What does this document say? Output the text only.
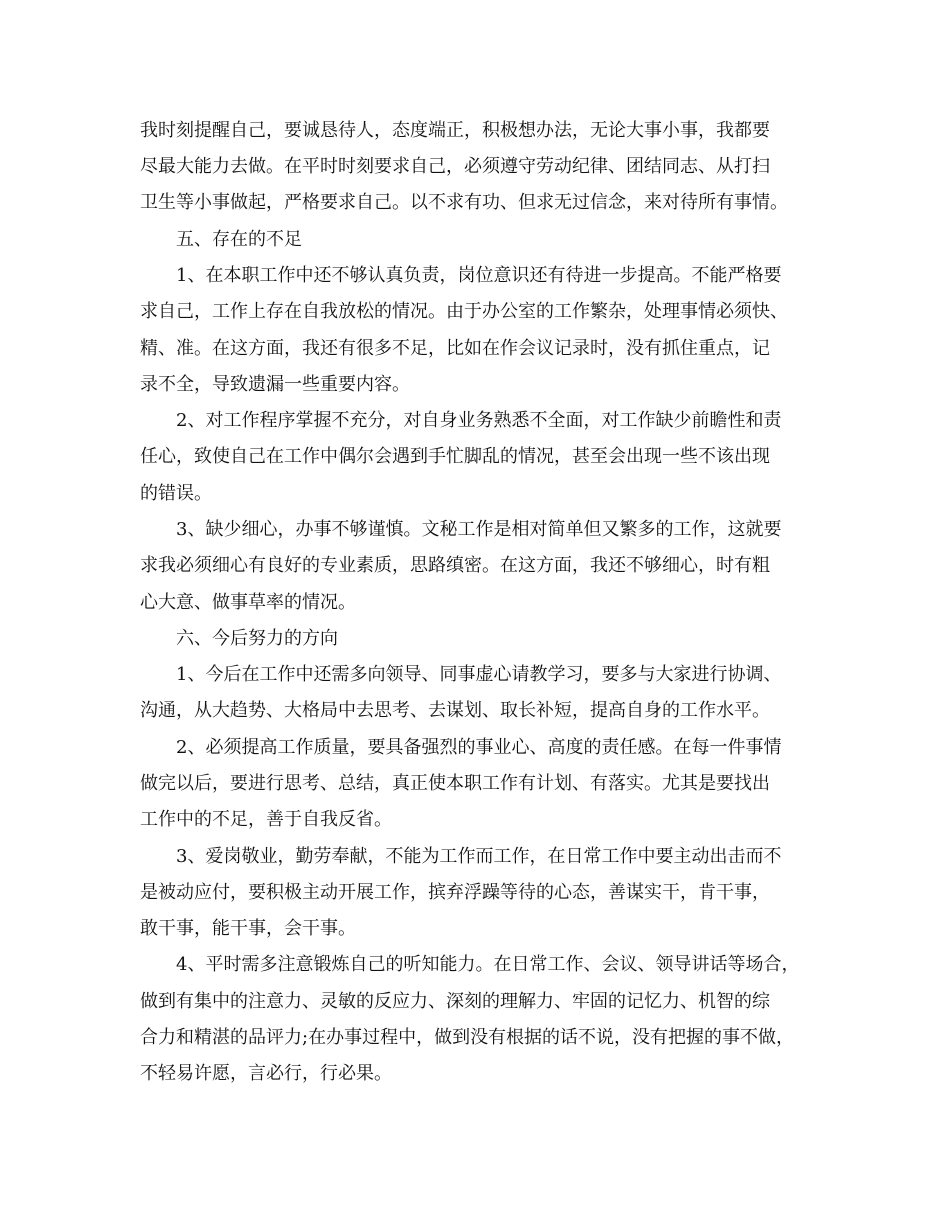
我时刻提醒自己，要诚恳待人，态度端正，积极想办法，无论大事小事，我都要
尽最大能力去做。在平时时刻要求自己，必须遵守劳动纪律、团结同志、从打扫
卫生等小事做起，严格要求自己。以不求有功、但求无过信念，来对待所有事情。
五、存在的不足
1、在本职工作中还不够认真负责，岗位意识还有待进一步提高。不能严格要
求自己，工作上存在自我放松的情况。由于办公室的工作繁杂，处理事情必须快、
精、准。在这方面，我还有很多不足，比如在作会议记录时，没有抓住重点，记
录不全，导致遗漏一些重要内容。
2、对工作程序掌握不充分，对自身业务熟悉不全面，对工作缺少前瞻性和责
任心，致使自己在工作中偶尔会遇到手忙脚乱的情况，甚至会出现一些不该出现
的错误。
3、缺少细心，办事不够谨慎。文秘工作是相对简单但又繁多的工作，这就要
求我必须细心有良好的专业素质，思路缜密。在这方面，我还不够细心，时有粗
心大意、做事草率的情况。
六、今后努力的方向
1、今后在工作中还需多向领导、同事虚心请教学习，要多与大家进行协调、
沟通，从大趋势、大格局中去思考、去谋划、取长补短，提高自身的工作水平。
2、必须提高工作质量，要具备强烈的事业心、高度的责任感。在每一件事情
做完以后，要进行思考、总结，真正使本职工作有计划、有落实。尤其是要找出
工作中的不足，善于自我反省。
3、爱岗敬业，勤劳奉献，不能为工作而工作，在日常工作中要主动出击而不
是被动应付，要积极主动开展工作，摈弃浮躁等待的心态，善谋实干，肯干事，
敢干事，能干事，会干事。
4、平时需多注意锻炼自己的听知能力。在日常工作、会议、领导讲话等场合，
做到有集中的注意力、灵敏的反应力、深刻的理解力、牢固的记忆力、机智的综
合力和精湛的品评力;在办事过程中，做到没有根据的话不说，没有把握的事不做，
不轻易许愿，言必行，行必果。
